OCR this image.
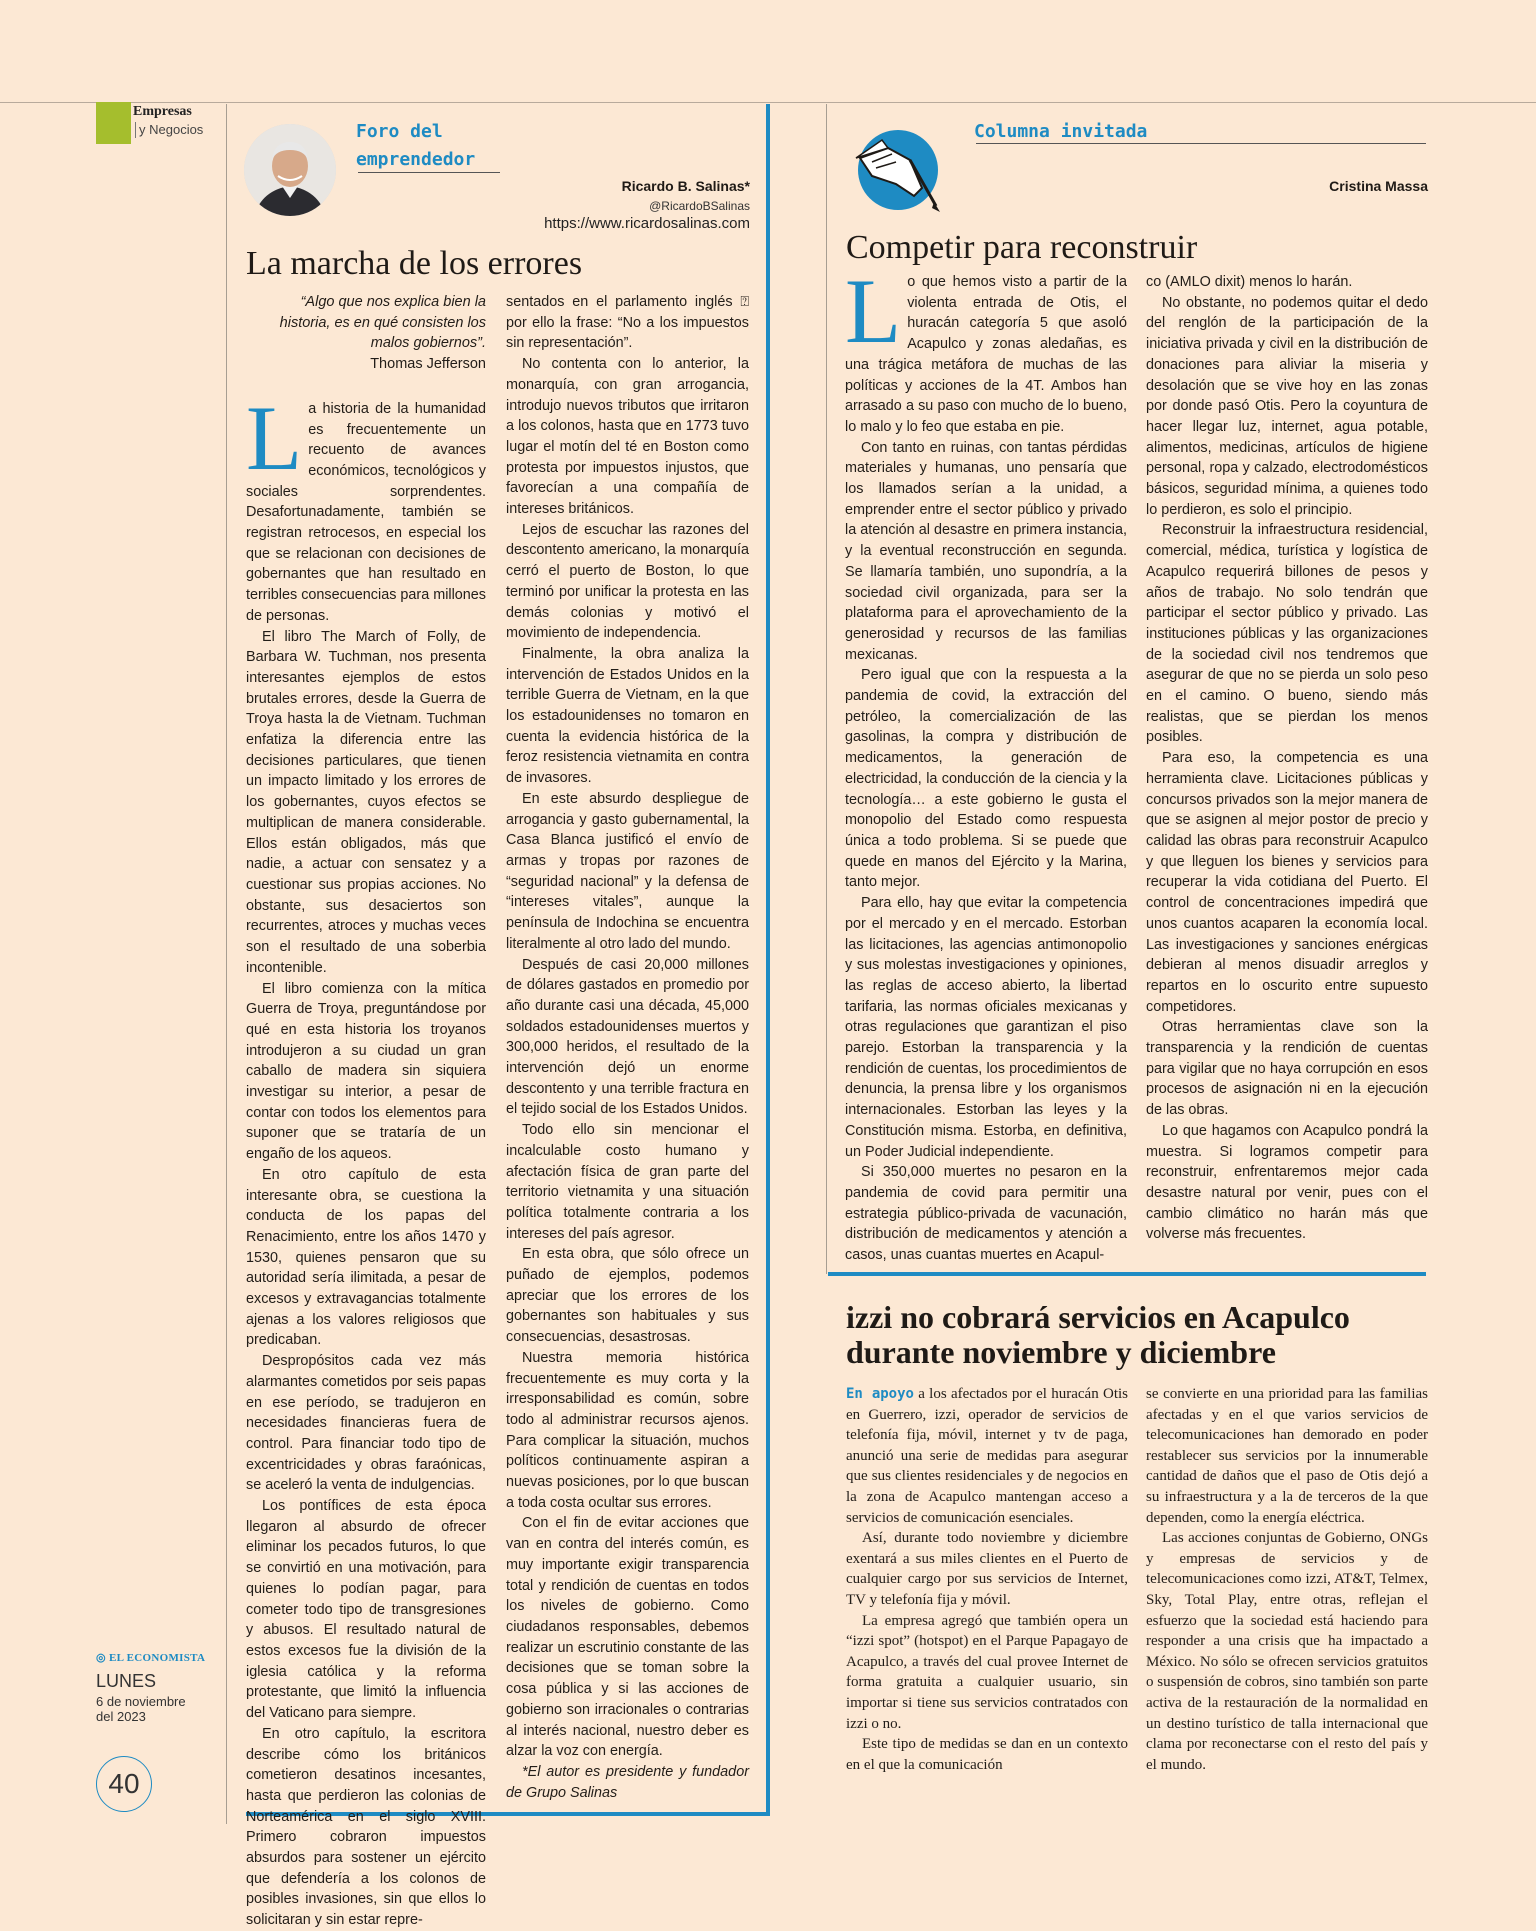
Empresas
y Negocios	Foro del
emprendedor
Ricardo B. Salinas*
@RicardoBSalinas
https://www.ricardosalinas.com
La marcha de los errores
“Algo que nos explica bien la historia, es en qué consisten los malos gobiernos”.
Thomas Jefferson
L a historia de la humanidad es frecuentemente un recuento de avances económicos, tecnológicos y sociales sorprendentes. Desafortunadamente, también se registran retrocesos, en especial los que se relacionan con decisiones de gobernantes que han resultado en terribles consecuencias para millones de personas.

El libro The March of Folly, de Barbara W. Tuchman, nos presenta interesantes ejemplos de estos brutales errores, desde la Guerra de Troya hasta la de Vietnam. Tuchman enfatiza la diferencia entre las decisiones particulares, que tienen un impacto limitado y los errores de los gobernantes, cuyos efectos se multiplican de manera considerable. Ellos están obligados, más que nadie, a actuar con sensatez y a cuestionar sus propias acciones. No obstante, sus desaciertos son recurrentes, atroces y muchas veces son el resultado de una soberbia incontenible.

El libro comienza con la mítica Guerra de Troya, preguntándose por qué en esta historia los troyanos introdujeron a su ciudad un gran caballo de madera sin siquiera investigar su interior, a pesar de contar con todos los elementos para suponer que se trataría de un engaño de los aqueos.

En otro capítulo de esta interesante obra, se cuestiona la conducta de los papas del Renacimiento, entre los años 1470 y 1530, quienes pensaron que su autoridad sería ilimitada, a pesar de excesos y extravagancias totalmente ajenas a los valores religiosos que predicaban.

Despropósitos cada vez más alarmantes cometidos por seis papas en ese período, se tradujeron en necesidades financieras fuera de control. Para financiar todo tipo de excentricidades y obras faraónicas, se aceleró la venta de indulgencias.

Los pontífices de esta época llegaron al absurdo de ofrecer eliminar los pecados futuros, lo que se convirtió en una motivación, para quienes lo podían pagar, para cometer todo tipo de transgresiones y abusos. El resultado natural de estos excesos fue la división de la iglesia católica y la reforma protestante, que limitó la influencia del Vaticano para siempre.

En otro capítulo, la escritora describe cómo los británicos cometieron desatinos incesantes, hasta que perdieron las colonias de Norteamérica en el siglo XVIII. Primero cobraron impuestos absurdos para sostener un ejército que defendería a los colonos de posibles invasiones, sin que ellos lo solicitaran y sin estar repre-

sentados en el parlamento inglés ⍰ por ello la frase: “No a los impuestos sin representación”.

No contenta con lo anterior, la monarquía, con gran arrogancia, introdujo nuevos tributos que irritaron a los colonos, hasta que en 1773 tuvo lugar el motín del té en Boston como protesta por impuestos injustos, que favorecían a una compañía de intereses británicos.

Lejos de escuchar las razones del descontento americano, la monarquía cerró el puerto de Boston, lo que terminó por unificar la protesta en las demás colonias y motivó el movimiento de independencia.

Finalmente, la obra analiza la intervención de Estados Unidos en la terrible Guerra de Vietnam, en la que los estadounidenses no tomaron en cuenta la evidencia histórica de la feroz resistencia vietnamita en contra de invasores.

En este absurdo despliegue de arrogancia y gasto gubernamental, la Casa Blanca justificó el envío de armas y tropas por razones de “seguridad nacional” y la defensa de “intereses vitales”, aunque la península de Indochina se encuentra literalmente al otro lado del mundo.

Después de casi 20,000 millones de dólares gastados en promedio por año durante casi una década, 45,000 soldados estadounidenses muertos y 300,000 heridos, el resultado de la intervención dejó un enorme descontento y una terrible fractura en el tejido social de los Estados Unidos.

Todo ello sin mencionar el incalculable costo humano y afectación física de gran parte del territorio vietnamita y una situación política totalmente contraria a los intereses del país agresor.

En esta obra, que sólo ofrece un puñado de ejemplos, podemos apreciar que los errores de los gobernantes son habituales y sus consecuencias, desastrosas.

Nuestra memoria histórica frecuentemente es muy corta y la irresponsabilidad es común, sobre todo al administrar recursos ajenos. Para complicar la situación, muchos políticos continuamente aspiran a nuevas posiciones, por lo que buscan a toda costa ocultar sus errores.

Con el fin de evitar acciones que van en contra del interés común, es muy importante exigir transparencia total y rendición de cuentas en todos los niveles de gobierno. Como ciudadanos responsables, debemos realizar un escrutinio constante de las decisiones que se toman sobre la cosa pública y si las acciones de gobierno son irracionales o contrarias al interés nacional, nuestro deber es alzar la voz con energía.

*El autor es presidente y fundador de Grupo Salinas

Columna invitada
Cristina Massa
Competir para reconstruir
L o que hemos visto a partir de la violenta entrada de Otis, el huracán categoría 5 que asoló Acapulco y zonas aledañas, es una trágica metáfora de muchas de las políticas y acciones de la 4T. Ambos han arrasado a su paso con mucho de lo bueno, lo malo y lo feo que estaba en pie.

Con tanto en ruinas, con tantas pérdidas materiales y humanas, uno pensaría que los llamados serían a la unidad, a emprender entre el sector público y privado la atención al desastre en primera instancia, y la eventual reconstrucción en segunda. Se llamaría también, uno supondría, a la sociedad civil organizada, para ser la plataforma para el aprovechamiento de la generosidad y recursos de las familias mexicanas.

Pero igual que con la respuesta a la pandemia de covid, la extracción del petróleo, la comercialización de las gasolinas, la compra y distribución de medicamentos, la generación de electricidad, la conducción de la ciencia y la tecnología… a este gobierno le gusta el monopolio del Estado como respuesta única a todo problema. Si se puede que quede en manos del Ejército y la Marina, tanto mejor.

Para ello, hay que evitar la competencia por el mercado y en el mercado. Estorban las licitaciones, las agencias antimonopolio y sus molestas investigaciones y opiniones, las reglas de acceso abierto, la libertad tarifaria, las normas oficiales mexicanas y otras regulaciones que garantizan el piso parejo. Estorban la transparencia y la rendición de cuentas, los procedimientos de denuncia, la prensa libre y los organismos internacionales. Estorban las leyes y la Constitución misma. Estorba, en definitiva, un Poder Judicial independiente.

Si 350,000 muertes no pesaron en la pandemia de covid para permitir una estrategia público-privada de vacunación, distribución de medicamentos y atención a casos, unas cuantas muertes en Acapul-

co (AMLO dixit) menos lo harán.

No obstante, no podemos quitar el dedo del renglón de la participación de la iniciativa privada y civil en la distribución de donaciones para aliviar la miseria y desolación que se vive hoy en las zonas por donde pasó Otis. Pero la coyuntura de hacer llegar luz, internet, agua potable, alimentos, medicinas, artículos de higiene personal, ropa y calzado, electrodomésticos básicos, seguridad mínima, a quienes todo lo perdieron, es solo el principio.

Reconstruir la infraestructura residencial, comercial, médica, turística y logística de Acapulco requerirá billones de pesos y años de trabajo. No solo tendrán que participar el sector público y privado. Las instituciones públicas y las organizaciones de la sociedad civil nos tendremos que asegurar de que no se pierda un solo peso en el camino. O bueno, siendo más realistas, que se pierdan los menos posibles.

Para eso, la competencia es una herramienta clave. Licitaciones públicas y concursos privados son la mejor manera de que se asignen al mejor postor de precio y calidad las obras para reconstruir Acapulco y que lleguen los bienes y servicios para recuperar la vida cotidiana del Puerto. El control de concentraciones impedirá que unos cuantos acaparen la economía local. Las investigaciones y sanciones enérgicas debieran al menos disuadir arreglos y repartos en lo oscurito entre supuesto competidores.

Otras herramientas clave son la transparencia y la rendición de cuentas para vigilar que no haya corrupción en esos procesos de asignación ni en la ejecución de las obras.

Lo que hagamos con Acapulco pondrá la muestra. Si logramos competir para reconstruir, enfrentaremos mejor cada desastre natural por venir, pues con el cambio climático no harán más que volverse más frecuentes.

izzi no cobrará servicios en Acapulco
durante noviembre y diciembre

En apoyo a los afectados por el huracán Otis en Guerrero, izzi, operador de servicios de telefonía fija, móvil, internet y tv de paga, anunció una serie de medidas para asegurar que sus clientes residenciales y de negocios en la zona de Acapulco mantengan acceso a servicios de comunicación esenciales.

Así, durante todo noviembre y diciembre exentará a sus miles clientes en el Puerto de cualquier cargo por sus servicios de Internet, TV y telefonía fija y móvil.

La empresa agregó que también opera un “izzi spot” (hotspot) en el Parque Papagayo de Acapulco, a través del cual provee Internet de forma gratuita a cualquier usuario, sin importar si tiene sus servicios contratados con izzi o no.

Este tipo de medidas se dan en un contexto en el que la comunicación

se convierte en una prioridad para las familias afectadas y en el que varios servicios de telecomunicaciones han demorado en poder restablecer sus servicios por la innumerable cantidad de daños que el paso de Otis dejó a su infraestructura y a la de terceros de la que dependen, como la energía eléctrica.

Las acciones conjuntas de Gobierno, ONGs y empresas de servicios y de telecomunicaciones como izzi, AT&T, Telmex, Sky, Total Play, entre otras, reflejan el esfuerzo que la sociedad está haciendo para responder a una crisis que ha impactado a México. No sólo se ofrecen servicios gratuitos o suspensión de cobros, sino también son parte activa de la restauración de la normalidad en un destino turístico de talla internacional que clama por reconectarse con el resto del país y el mundo.

◎ EL ECONOMISTA
LUNES
6 de noviembre
del 2023
40
